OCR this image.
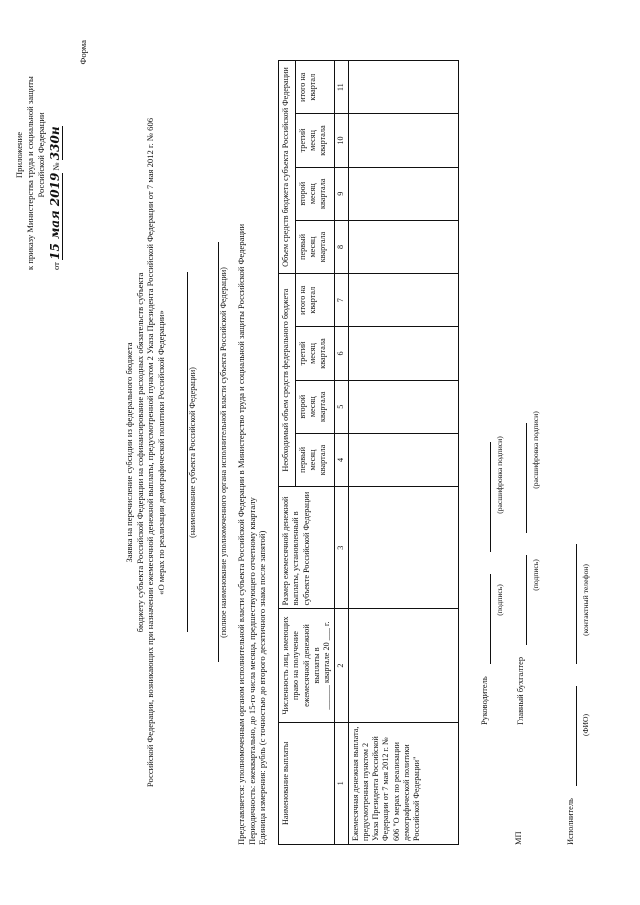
Приложение к приказу Министерства труда и социальной защиты Российской Федерации
от 15 мая 2019 № 330н
Форма
Заявка на перечисление субсидии из федерального бюджета бюджету субъекта Российской Федерации на софинансирование расходных обязательств субъекта Российской Федерации, возникающих при назначении ежемесячной денежной выплаты, предусмотренной пунктом 2 Указа Президента Российской Федерации от 7 мая 2012 г. № 606 «О мерах по реализации демографической политики Российской Федерации»	(наименование субъекта Российской Федерации)	(полное наименование уполномоченного органа исполнительной власти субъекта Российской Федерации) Представляется: уполномоченным органом исполнительной власти субъекта Российской Федерации в Министерство труда и социальной защиты Российской Федерации Периодичность: ежеквартально, до 15-го числа месяца, предшествующего отчетному кварталу Единица измерения: рубль (с точностью до второго десятичного знака после запятой) Наименование выплаты	Численность лиц, имеющих право на получение ежемесячной денежной выплаты в
______ квартале 20 ___ г.	Размер ежемесячной денежной выплаты, установленный в субъекте Российской Федерации	Необходимый объем средств федерального бюджета				Объем средств бюджета субъекта Российской Федерации			
			первый месяц квартала	второй месяц квартала	третий месяц квартала	итого на квартал	первый месяц квартала	второй месяц квартала	третий месяц квартала	итого на квартал
1	2	3	4	5	6	7	8	9	10	11
Ежемесячная денежная выплата, предусмотренная пунктом 2 Указа Президента Российской Федерации от 7 мая 2012 г. № 606 "О мерах по реализации демографической политики Российской Федерации"										
Руководитель
(подпись)
(расшифровка подписи)
МП
Главный бухгалтер
(подпись)
(расшифровка подписи)
Исполнитель
(ФИО)
(контактный телефон)
